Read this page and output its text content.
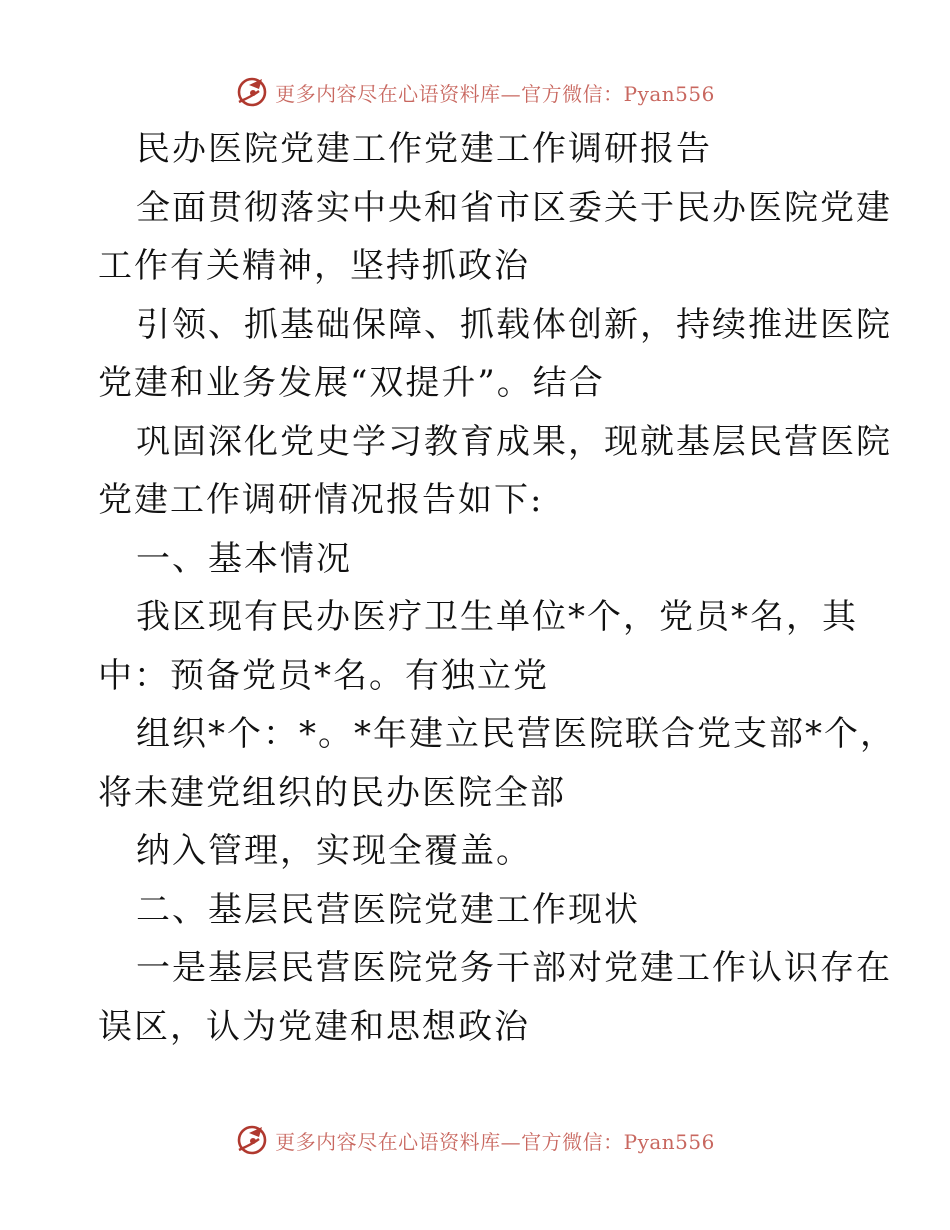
更多内容尽在心语资料库—官方微信：Pyan556
民办医院党建工作党建工作调研报告
全面贯彻落实中央和省市区委关于民办医院党建
工作有关精神，坚持抓政治
引领、抓基础保障、抓载体创新，持续推进医院
党建和业务发展“双提升”。结合
巩固深化党史学习教育成果，现就基层民营医院
党建工作调研情况报告如下:
一、基本情况
我区现有民办医疗卫生单位*个，党员*名，其
中：预备党员*名。有独立党
组织*个：*。*年建立民营医院联合党支部*个，
将未建党组织的民办医院全部
纳入管理，实现全覆盖。
二、基层民营医院党建工作现状
一是基层民营医院党务干部对党建工作认识存在
误区，认为党建和思想政治
更多内容尽在心语资料库—官方微信：Pyan556
